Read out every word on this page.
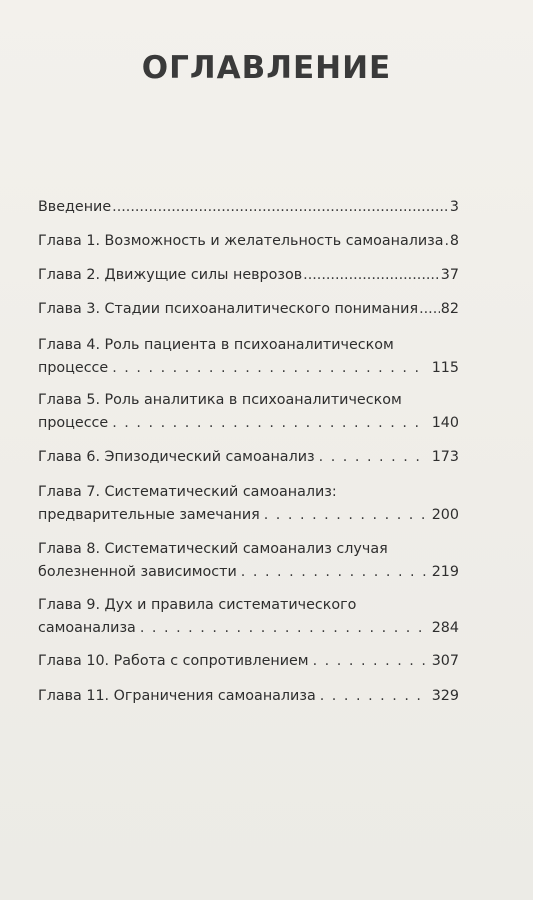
ОГЛАВЛЕНИЕ
Введение .....	3
Глава 1. Возможность и желательность самоанализа ..... 8
Глава 2. Движущие силы неврозов .....	37
Глава 3. Стадии психоаналитического понимания ..... 82
Глава 4. Роль пациента в психоаналитическом
процессе . . .	115
Глава 5. Роль аналитика в психоаналитическом
процессе . . .	140
Глава 6. Эпизодический самоанализ . . .	173
Глава 7. Систематический самоанализ:
предварительные замечания . . .	200
Глава 8. Систематический самоанализ случая
болезненной зависимости . . .	219
Глава 9. Дух и правила систематического
самоанализа . . .	284
Глава 10. Работа с сопротивлением . . .	307
Глава 11. Ограничения самоанализа . . .	329
